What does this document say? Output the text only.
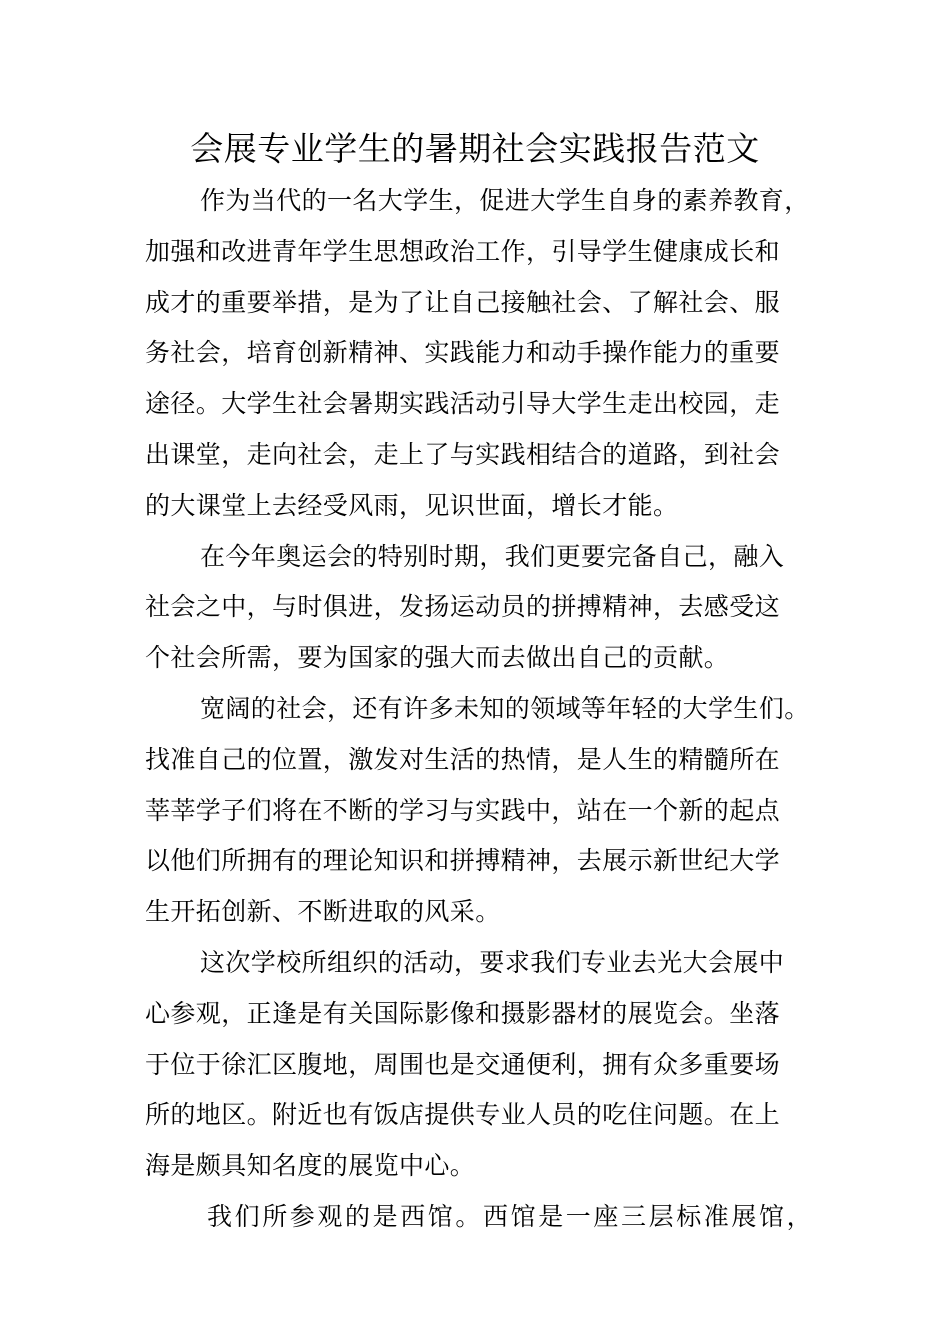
会展专业学生的暑期社会实践报告范文
作为当代的一名大学生，促进大学生自身的素养教育，
加强和改进青年学生思想政治工作，引导学生健康成长和
成才的重要举措，是为了让自己接触社会、了解社会、服
务社会，培育创新精神、实践能力和动手操作能力的重要
途径。大学生社会暑期实践活动引导大学生走出校园，走
出课堂，走向社会，走上了与实践相结合的道路，到社会
的大课堂上去经受风雨，见识世面，增长才能。
在今年奥运会的特别时期，我们更要完备自己，融入
社会之中，与时俱进，发扬运动员的拼搏精神，去感受这
个社会所需，要为国家的强大而去做出自己的贡献。
宽阔的社会，还有许多未知的领域等年轻的大学生们。
找准自己的位置，激发对生活的热情，是人生的精髓所在
莘莘学子们将在不断的学习与实践中，站在一个新的起点
以他们所拥有的理论知识和拼搏精神，去展示新世纪大学
生开拓创新、不断进取的风采。
这次学校所组织的活动，要求我们专业去光大会展中
心参观，正逢是有关国际影像和摄影器材的展览会。坐落
于位于徐汇区腹地，周围也是交通便利，拥有众多重要场
所的地区。附近也有饭店提供专业人员的吃住问题。在上
海是颇具知名度的展览中心。
我们所参观的是西馆。西馆是一座三层标准展馆，
